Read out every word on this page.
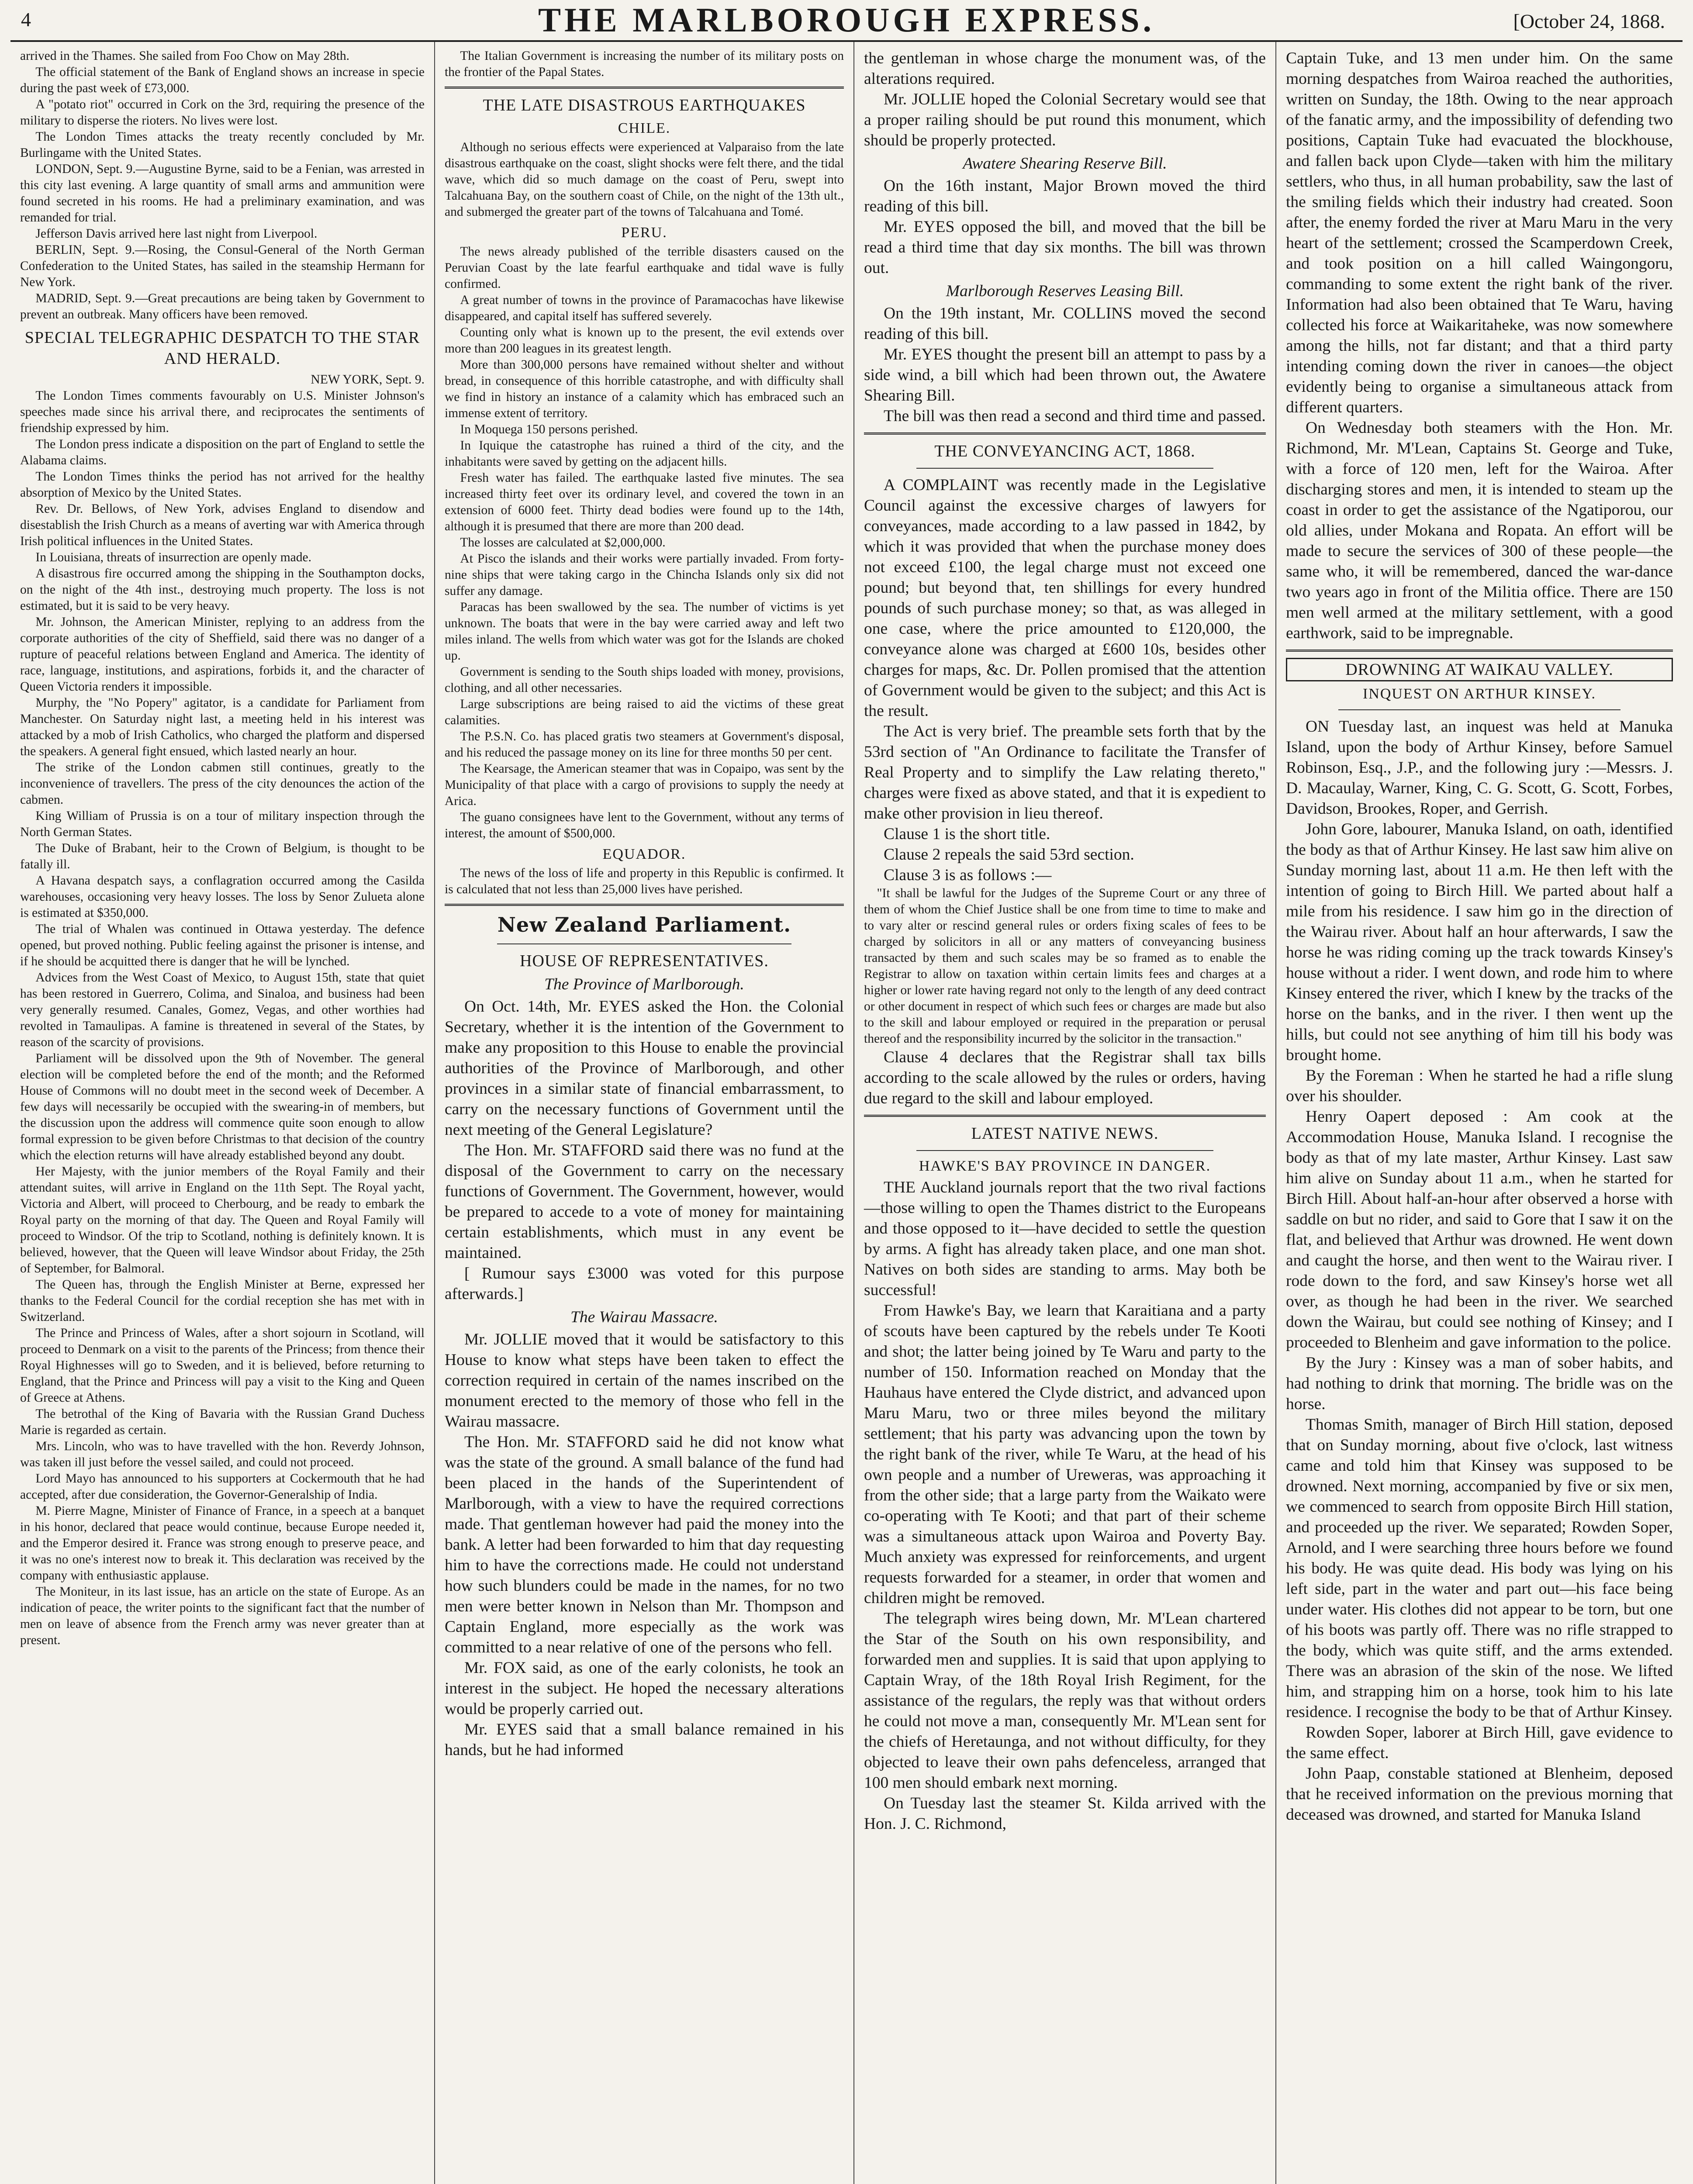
4	THE MARLBOROUGH EXPRESS.	[October 24, 1868.

arrived in the Thames. She sailed from Foo Chow on May 28th.

The official statement of the Bank of England shows an increase in specie during the past week of £73,000.

A "potato riot" occurred in Cork on the 3rd, requiring the presence of the military to disperse the rioters. No lives were lost.

The London Times attacks the treaty recently concluded by Mr. Burlingame with the United States.

LONDON, Sept. 9.—Augustine Byrne, said to be a Fenian, was arrested in this city last evening. A large quantity of small arms and ammunition were found secreted in his rooms. He had a preliminary examination, and was remanded for trial.

Jefferson Davis arrived here last night from Liverpool.

BERLIN, Sept. 9.—Rosing, the Consul-General of the North German Confederation to the United States, has sailed in the steamship Hermann for New York.

MADRID, Sept. 9.—Great precautions are being taken by Government to prevent an outbreak. Many officers have been removed.

SPECIAL TELEGRAPHIC DESPATCH TO THE STAR AND HERALD.

NEW YORK, Sept. 9.

The London Times comments favourably on U.S. Minister Johnson's speeches made since his arrival there, and reciprocates the sentiments of friendship expressed by him.

The London press indicate a disposition on the part of England to settle the Alabama claims.

The London Times thinks the period has not arrived for the healthy absorption of Mexico by the United States.

Rev. Dr. Bellows, of New York, advises England to disendow and disestablish the Irish Church as a means of averting war with America through Irish political influences in the United States.

In Louisiana, threats of insurrection are openly made.

A disastrous fire occurred among the shipping in the Southampton docks, on the night of the 4th inst., destroying much property. The loss is not estimated, but it is said to be very heavy.

Mr. Johnson, the American Minister, replying to an address from the corporate authorities of the city of Sheffield, said there was no danger of a rupture of peaceful relations between England and America. The identity of race, language, institutions, and aspirations, forbids it, and the character of Queen Victoria renders it impossible.

Murphy, the "No Popery" agitator, is a candidate for Parliament from Manchester. On Saturday night last, a meeting held in his interest was attacked by a mob of Irish Catholics, who charged the platform and dispersed the speakers. A general fight ensued, which lasted nearly an hour.

The strike of the London cabmen still continues, greatly to the inconvenience of travellers. The press of the city denounces the action of the cabmen.

King William of Prussia is on a tour of military inspection through the North German States.

The Duke of Brabant, heir to the Crown of Belgium, is thought to be fatally ill.

A Havana despatch says, a conflagration occurred among the Casilda warehouses, occasioning very heavy losses. The loss by Senor Zulueta alone is estimated at $350,000.

The trial of Whalen was continued in Ottawa yesterday. The defence opened, but proved nothing. Public feeling against the prisoner is intense, and if he should be acquitted there is danger that he will be lynched.

Advices from the West Coast of Mexico, to August 15th, state that quiet has been restored in Guerrero, Colima, and Sinaloa, and business had been very generally resumed. Canales, Gomez, Vegas, and other worthies had revolted in Tamaulipas. A famine is threatened in several of the States, by reason of the scarcity of provisions.

Parliament will be dissolved upon the 9th of November. The general election will be completed before the end of the month; and the Reformed House of Commons will no doubt meet in the second week of December. A few days will necessarily be occupied with the swearing-in of members, but the discussion upon the address will commence quite soon enough to allow formal expression to be given before Christmas to that decision of the country which the election returns will have already established beyond any doubt.

Her Majesty, with the junior members of the Royal Family and their attendant suites, will arrive in England on the 11th Sept. The Royal yacht, Victoria and Albert, will proceed to Cherbourg, and be ready to embark the Royal party on the morning of that day. The Queen and Royal Family will proceed to Windsor. Of the trip to Scotland, nothing is definitely known. It is believed, however, that the Queen will leave Windsor about Friday, the 25th of September, for Balmoral.

The Queen has, through the English Minister at Berne, expressed her thanks to the Federal Council for the cordial reception she has met with in Switzerland.

The Prince and Princess of Wales, after a short sojourn in Scotland, will proceed to Denmark on a visit to the parents of the Princess; from thence their Royal Highnesses will go to Sweden, and it is believed, before returning to England, that the Prince and Princess will pay a visit to the King and Queen of Greece at Athens.

The betrothal of the King of Bavaria with the Russian Grand Duchess Marie is regarded as certain.

Mrs. Lincoln, who was to have travelled with the hon. Reverdy Johnson, was taken ill just before the vessel sailed, and could not proceed.

Lord Mayo has announced to his supporters at Cockermouth that he had accepted, after due consideration, the Governor-Generalship of India.

M. Pierre Magne, Minister of Finance of France, in a speech at a banquet in his honor, declared that peace would continue, because Europe needed it, and the Emperor desired it. France was strong enough to preserve peace, and it was no one's interest now to break it. This declaration was received by the company with enthusiastic applause.

The Moniteur, in its last issue, has an article on the state of Europe. As an indication of peace, the writer points to the significant fact that the number of men on leave of absence from the French army was never greater than at present.

The Italian Government is increasing the number of its military posts on the frontier of the Papal States.

THE LATE DISASTROUS EARTHQUAKES
CHILE.

Although no serious effects were experienced at Valparaiso from the late disastrous earthquake on the coast, slight shocks were felt there, and the tidal wave, which did so much damage on the coast of Peru, swept into Talcahuana Bay, on the southern coast of Chile, on the night of the 13th ult., and submerged the greater part of the towns of Talcahuana and Tomé.

PERU.

The news already published of the terrible disasters caused on the Peruvian Coast by the late fearful earthquake and tidal wave is fully confirmed.

A great number of towns in the province of Paramacochas have likewise disappeared, and capital itself has suffered severely.

Counting only what is known up to the present, the evil extends over more than 200 leagues in its greatest length.

More than 300,000 persons have remained without shelter and without bread, in consequence of this horrible catastrophe, and with difficulty shall we find in history an instance of a calamity which has embraced such an immense extent of territory.

In Moquega 150 persons perished.

In Iquique the catastrophe has ruined a third of the city, and the inhabitants were saved by getting on the adjacent hills.

Fresh water has failed. The earthquake lasted five minutes. The sea increased thirty feet over its ordinary level, and covered the town in an extension of 6000 feet. Thirty dead bodies were found up to the 14th, although it is presumed that there are more than 200 dead.

The losses are calculated at $2,000,000.

At Pisco the islands and their works were partially invaded. From forty-nine ships that were taking cargo in the Chincha Islands only six did not suffer any damage.

Paracas has been swallowed by the sea. The number of victims is yet unknown. The boats that were in the bay were carried away and left two miles inland. The wells from which water was got for the Islands are choked up.

Government is sending to the South ships loaded with money, provisions, clothing, and all other necessaries.

Large subscriptions are being raised to aid the victims of these great calamities.

The P.S.N. Co. has placed gratis two steamers at Government's disposal, and his reduced the passage money on its line for three months 50 per cent.

The Kearsage, the American steamer that was in Copaipo, was sent by the Municipality of that place with a cargo of provisions to supply the needy at Arica.

The guano consignees have lent to the Government, without any terms of interest, the amount of $500,000.

EQUADOR.

The news of the loss of life and property in this Republic is confirmed. It is calculated that not less than 25,000 lives have perished.

New Zealand Parliament.
HOUSE OF REPRESENTATIVES.
The Province of Marlborough.

On Oct. 14th, Mr. EYES asked the Hon. the Colonial Secretary, whether it is the intention of the Government to make any proposition to this House to enable the provincial authorities of the Province of Marlborough, and other provinces in a similar state of financial embarrassment, to carry on the necessary functions of Government until the next meeting of the General Legislature?

The Hon. Mr. STAFFORD said there was no fund at the disposal of the Government to carry on the necessary functions of Government. The Government, however, would be prepared to accede to a vote of money for maintaining certain establishments, which must in any event be maintained.

[ Rumour says £3000 was voted for this purpose afterwards.]

The Wairau Massacre.

Mr. JOLLIE moved that it would be satisfactory to this House to know what steps have been taken to effect the correction required in certain of the names inscribed on the monument erected to the memory of those who fell in the Wairau massacre.

The Hon. Mr. STAFFORD said he did not know what was the state of the ground. A small balance of the fund had been placed in the hands of the Superintendent of Marlborough, with a view to have the required corrections made. That gentleman however had paid the money into the bank. A letter had been forwarded to him that day requesting him to have the corrections made. He could not understand how such blunders could be made in the names, for no two men were better known in Nelson than Mr. Thompson and Captain England, more especially as the work was committed to a near relative of one of the persons who fell.

Mr. FOX said, as one of the early colonists, he took an interest in the subject. He hoped the necessary alterations would be properly carried out.

Mr. EYES said that a small balance remained in his hands, but he had informed

the gentleman in whose charge the monument was, of the alterations required.

Mr. JOLLIE hoped the Colonial Secretary would see that a proper railing should be put round this monument, which should be properly protected.

Awatere Shearing Reserve Bill.

On the 16th instant, Major Brown moved the third reading of this bill.

Mr. EYES opposed the bill, and moved that the bill be read a third time that day six months. The bill was thrown out.

Marlborough Reserves Leasing Bill.

On the 19th instant, Mr. COLLINS moved the second reading of this bill.

Mr. EYES thought the present bill an attempt to pass by a side wind, a bill which had been thrown out, the Awatere Shearing Bill.

The bill was then read a second and third time and passed.

THE CONVEYANCING ACT, 1868.

A COMPLAINT was recently made in the Legislative Council against the excessive charges of lawyers for conveyances, made according to a law passed in 1842, by which it was provided that when the purchase money does not exceed £100, the legal charge must not exceed one pound; but beyond that, ten shillings for every hundred pounds of such purchase money; so that, as was alleged in one case, where the price amounted to £120,000, the conveyance alone was charged at £600 10s, besides other charges for maps, &c. Dr. Pollen promised that the attention of Government would be given to the subject; and this Act is the result.

The Act is very brief. The preamble sets forth that by the 53rd section of "An Ordinance to facilitate the Transfer of Real Property and to simplify the Law relating thereto," charges were fixed as above stated, and that it is expedient to make other provision in lieu thereof.

Clause 1 is the short title.

Clause 2 repeals the said 53rd section.

Clause 3 is as follows :—

"It shall be lawful for the Judges of the Supreme Court or any three of them of whom the Chief Justice shall be one from time to time to make and to vary alter or rescind general rules or orders fixing scales of fees to be charged by solicitors in all or any matters of conveyancing business transacted by them and such scales may be so framed as to enable the Registrar to allow on taxation within certain limits fees and charges at a higher or lower rate having regard not only to the length of any deed contract or other document in respect of which such fees or charges are made but also to the skill and labour employed or required in the preparation or perusal thereof and the responsibility incurred by the solicitor in the transaction."

Clause 4 declares that the Registrar shall tax bills according to the scale allowed by the rules or orders, having due regard to the skill and labour employed.

LATEST NATIVE NEWS.
HAWKE'S BAY PROVINCE IN DANGER.

THE Auckland journals report that the two rival factions—those willing to open the Thames district to the Europeans and those opposed to it—have decided to settle the question by arms. A fight has already taken place, and one man shot. Natives on both sides are standing to arms. May both be successful!

From Hawke's Bay, we learn that Karaitiana and a party of scouts have been captured by the rebels under Te Kooti and shot; the latter being joined by Te Waru and party to the number of 150. Information reached on Monday that the Hauhaus have entered the Clyde district, and advanced upon Maru Maru, two or three miles beyond the military settlement; that his party was advancing upon the town by the right bank of the river, while Te Waru, at the head of his own people and a number of Ureweras, was approaching it from the other side; that a large party from the Waikato were co-operating with Te Kooti; and that part of their scheme was a simultaneous attack upon Wairoa and Poverty Bay. Much anxiety was expressed for reinforcements, and urgent requests forwarded for a steamer, in order that women and children might be removed.

The telegraph wires being down, Mr. M'Lean chartered the Star of the South on his own responsibility, and forwarded men and supplies. It is said that upon applying to Captain Wray, of the 18th Royal Irish Regiment, for the assistance of the regulars, the reply was that without orders he could not move a man, consequently Mr. M'Lean sent for the chiefs of Heretaunga, and not without difficulty, for they objected to leave their own pahs defenceless, arranged that 100 men should embark next morning.

On Tuesday last the steamer St. Kilda arrived with the Hon. J. C. Richmond,

Captain Tuke, and 13 men under him. On the same morning despatches from Wairoa reached the authorities, written on Sunday, the 18th. Owing to the near approach of the fanatic army, and the impossibility of defending two positions, Captain Tuke had evacuated the blockhouse, and fallen back upon Clyde—taken with him the military settlers, who thus, in all human probability, saw the last of the smiling fields which their industry had created. Soon after, the enemy forded the river at Maru Maru in the very heart of the settlement; crossed the Scamperdown Creek, and took position on a hill called Waingongoru, commanding to some extent the right bank of the river. Information had also been obtained that Te Waru, having collected his force at Waikaritaheke, was now somewhere among the hills, not far distant; and that a third party intending coming down the river in canoes—the object evidently being to organise a simultaneous attack from different quarters.

On Wednesday both steamers with the Hon. Mr. Richmond, Mr. M'Lean, Captains St. George and Tuke, with a force of 120 men, left for the Wairoa. After discharging stores and men, it is intended to steam up the coast in order to get the assistance of the Ngatiporou, our old allies, under Mokana and Ropata. An effort will be made to secure the services of 300 of these people—the same who, it will be remembered, danced the war-dance two years ago in front of the Militia office. There are 150 men well armed at the military settlement, with a good earthwork, said to be impregnable.

DROWNING AT WAIKAU VALLEY.
INQUEST ON ARTHUR KINSEY.

ON Tuesday last, an inquest was held at Manuka Island, upon the body of Arthur Kinsey, before Samuel Robinson, Esq., J.P., and the following jury :—Messrs. J. D. Macaulay, Warner, King, C. G. Scott, G. Scott, Forbes, Davidson, Brookes, Roper, and Gerrish.

John Gore, labourer, Manuka Island, on oath, identified the body as that of Arthur Kinsey. He last saw him alive on Sunday morning last, about 11 a.m. He then left with the intention of going to Birch Hill. We parted about half a mile from his residence. I saw him go in the direction of the Wairau river. About half an hour afterwards, I saw the horse he was riding coming up the track towards Kinsey's house without a rider. I went down, and rode him to where Kinsey entered the river, which I knew by the tracks of the horse on the banks, and in the river. I then went up the hills, but could not see anything of him till his body was brought home.

By the Foreman : When he started he had a rifle slung over his shoulder.

Henry Oapert deposed : Am cook at the Accommodation House, Manuka Island. I recognise the body as that of my late master, Arthur Kinsey. Last saw him alive on Sunday about 11 a.m., when he started for Birch Hill. About half-an-hour after observed a horse with saddle on but no rider, and said to Gore that I saw it on the flat, and believed that Arthur was drowned. He went down and caught the horse, and then went to the Wairau river. I rode down to the ford, and saw Kinsey's horse wet all over, as though he had been in the river. We searched down the Wairau, but could see nothing of Kinsey; and I proceeded to Blenheim and gave information to the police.

By the Jury : Kinsey was a man of sober habits, and had nothing to drink that morning. The bridle was on the horse.

Thomas Smith, manager of Birch Hill station, deposed that on Sunday morning, about five o'clock, last witness came and told him that Kinsey was supposed to be drowned. Next morning, accompanied by five or six men, we commenced to search from opposite Birch Hill station, and proceeded up the river. We separated; Rowden Soper, Arnold, and I were searching three hours before we found his body. He was quite dead. His body was lying on his left side, part in the water and part out—his face being under water. His clothes did not appear to be torn, but one of his boots was partly off. There was no rifle strapped to the body, which was quite stiff, and the arms extended. There was an abrasion of the skin of the nose. We lifted him, and strapping him on a horse, took him to his late residence. I recognise the body to be that of Arthur Kinsey.

Rowden Soper, laborer at Birch Hill, gave evidence to the same effect.

John Paap, constable stationed at Blenheim, deposed that he received information on the previous morning that deceased was drowned, and started for Manuka Island
